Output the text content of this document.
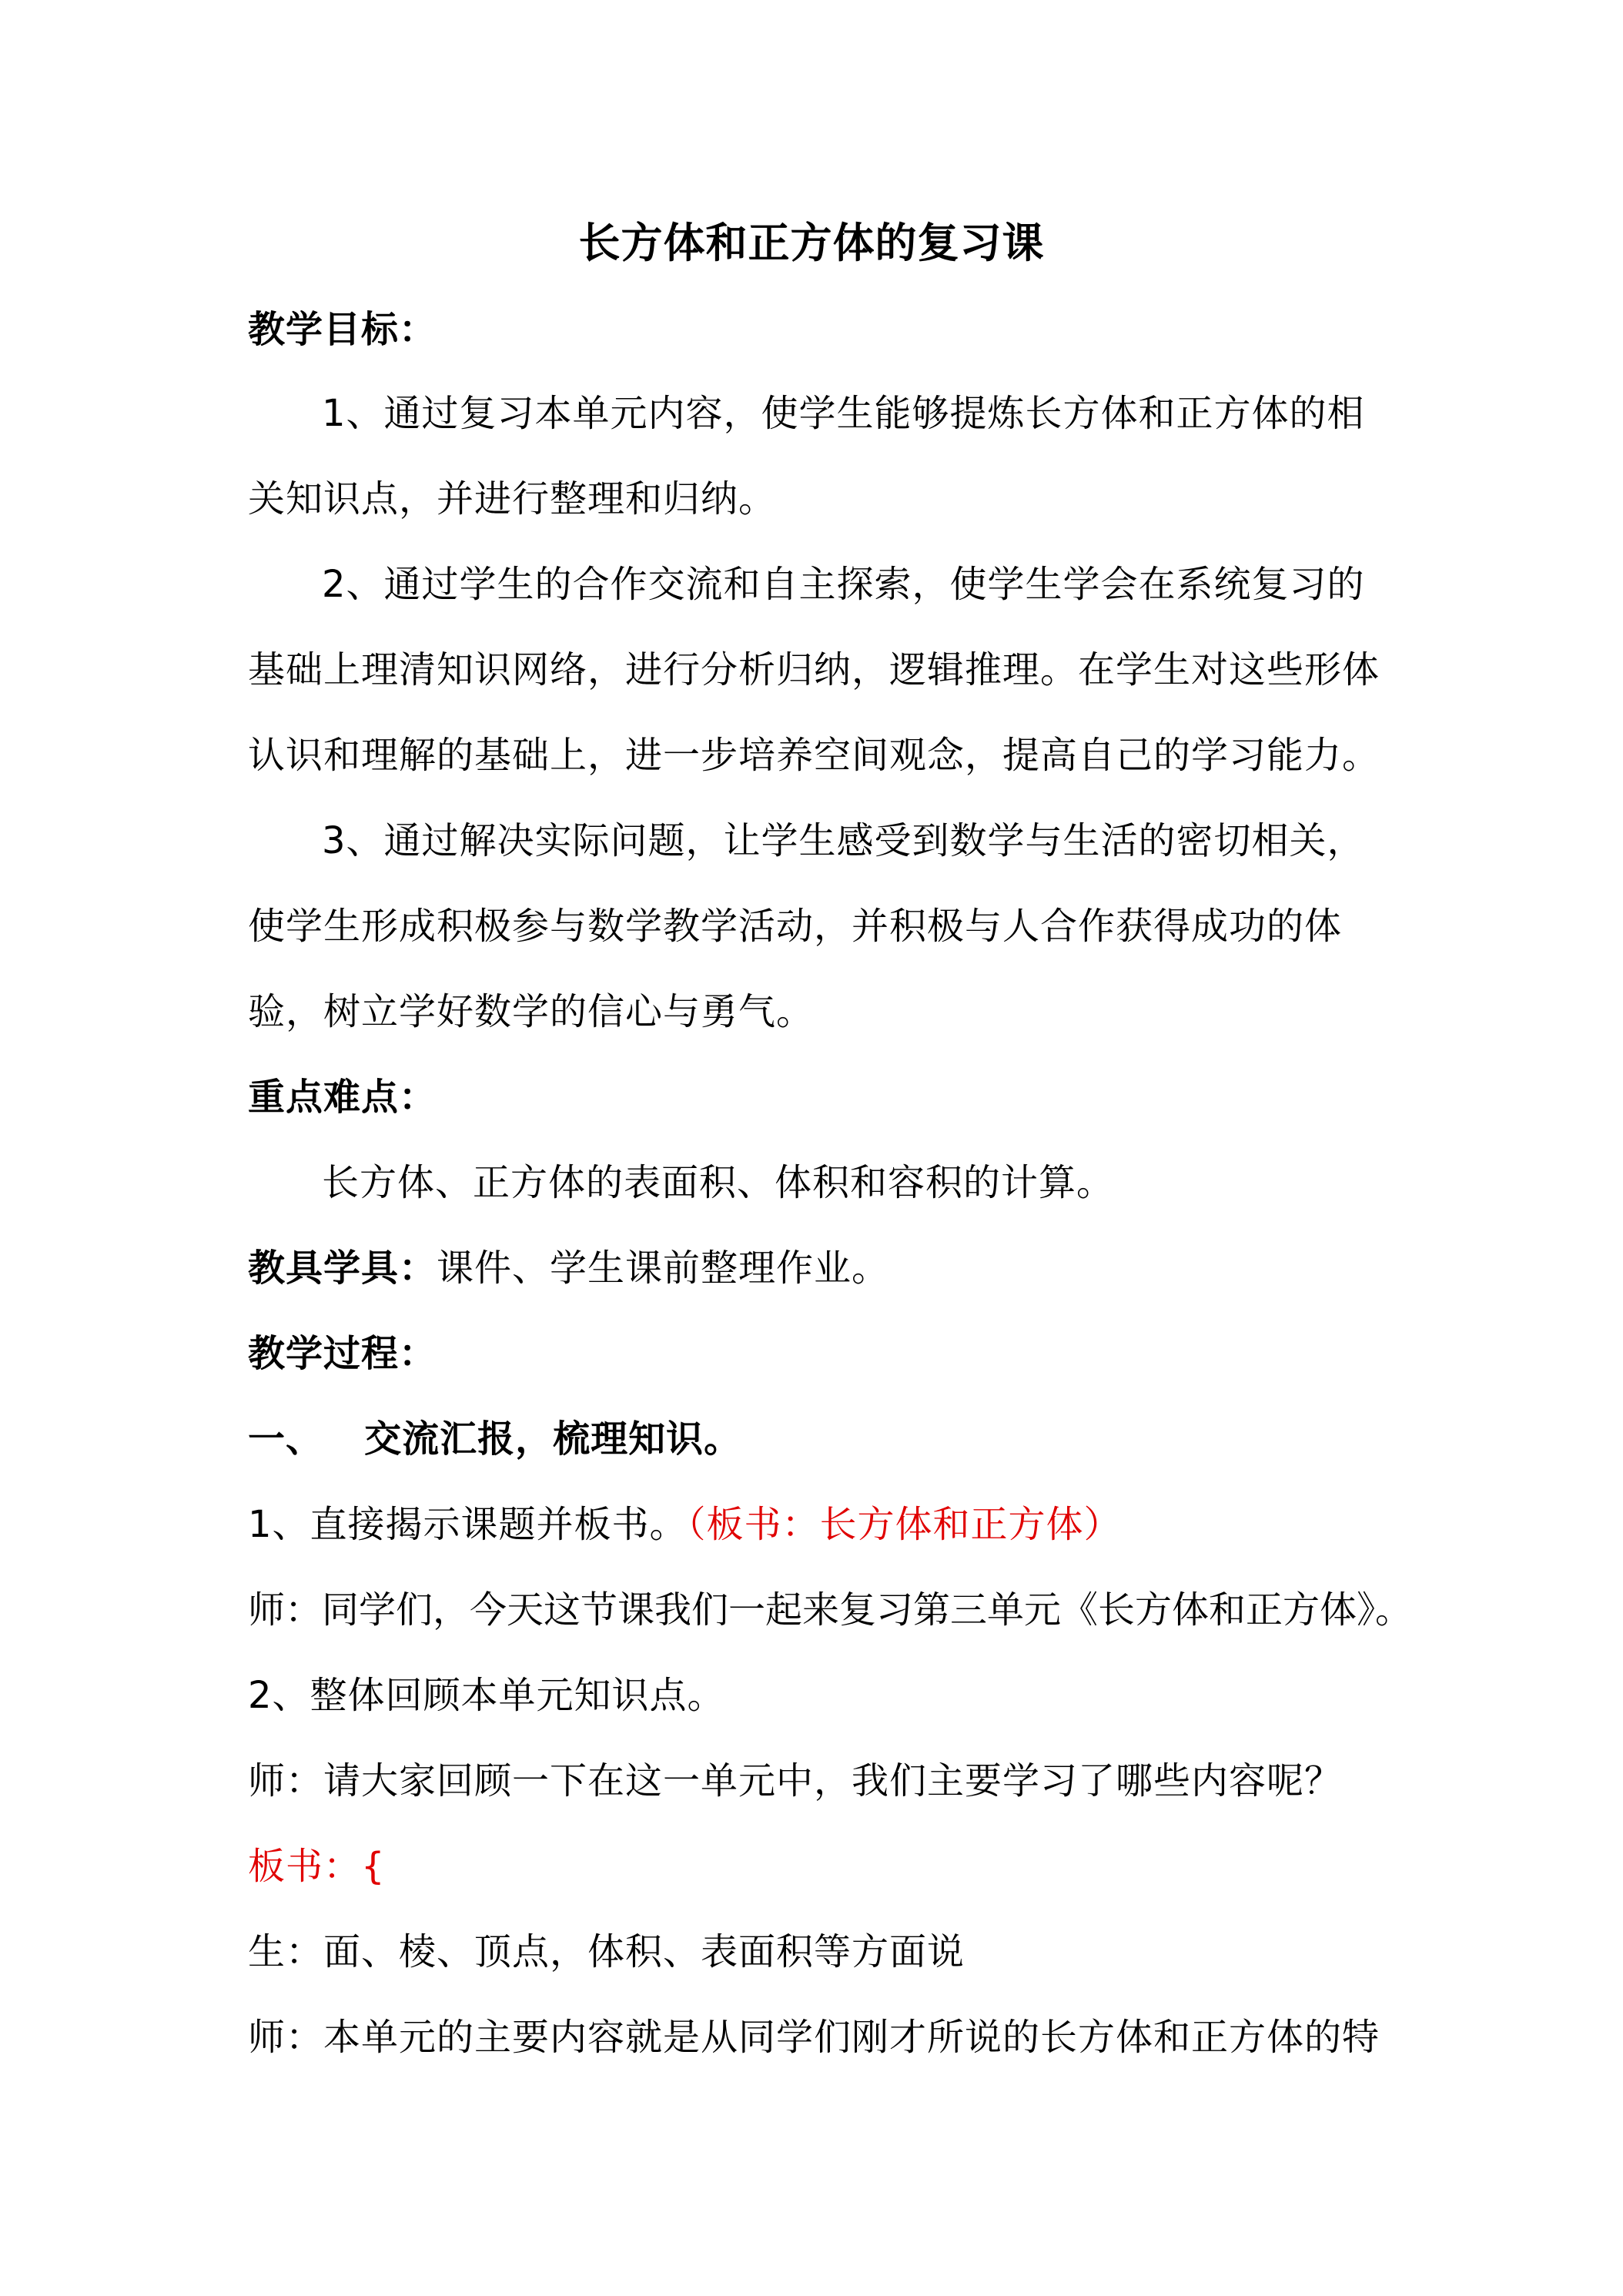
长方体和正方体的复习课
教学目标：
1、通过复习本单元内容，使学生能够提炼长方体和正方体的相
关知识点，并进行整理和归纳。
2、通过学生的合作交流和自主探索，使学生学会在系统复习的
基础上理清知识网络，进行分析归纳，逻辑推理。在学生对这些形体
认识和理解的基础上，进一步培养空间观念，提高自己的学习能力。
3、通过解决实际问题，让学生感受到数学与生活的密切相关，
使学生形成积极参与数学教学活动，并积极与人合作获得成功的体
验，树立学好数学的信心与勇气。
重点难点：
长方体、正方体的表面积、体积和容积的计算。
教具学具：课件、学生课前整理作业。
教学过程：
一、   交流汇报，梳理知识。
1、直接揭示课题并板书。（板书：长方体和正方体）
师：同学们，今天这节课我们一起来复习第三单元《长方体和正方体》。
2、整体回顾本单元知识点。
师：请大家回顾一下在这一单元中，我们主要学习了哪些内容呢？
板书：{
生：面、棱、顶点，体积、表面积等方面说
师：本单元的主要内容就是从同学们刚才所说的长方体和正方体的特
